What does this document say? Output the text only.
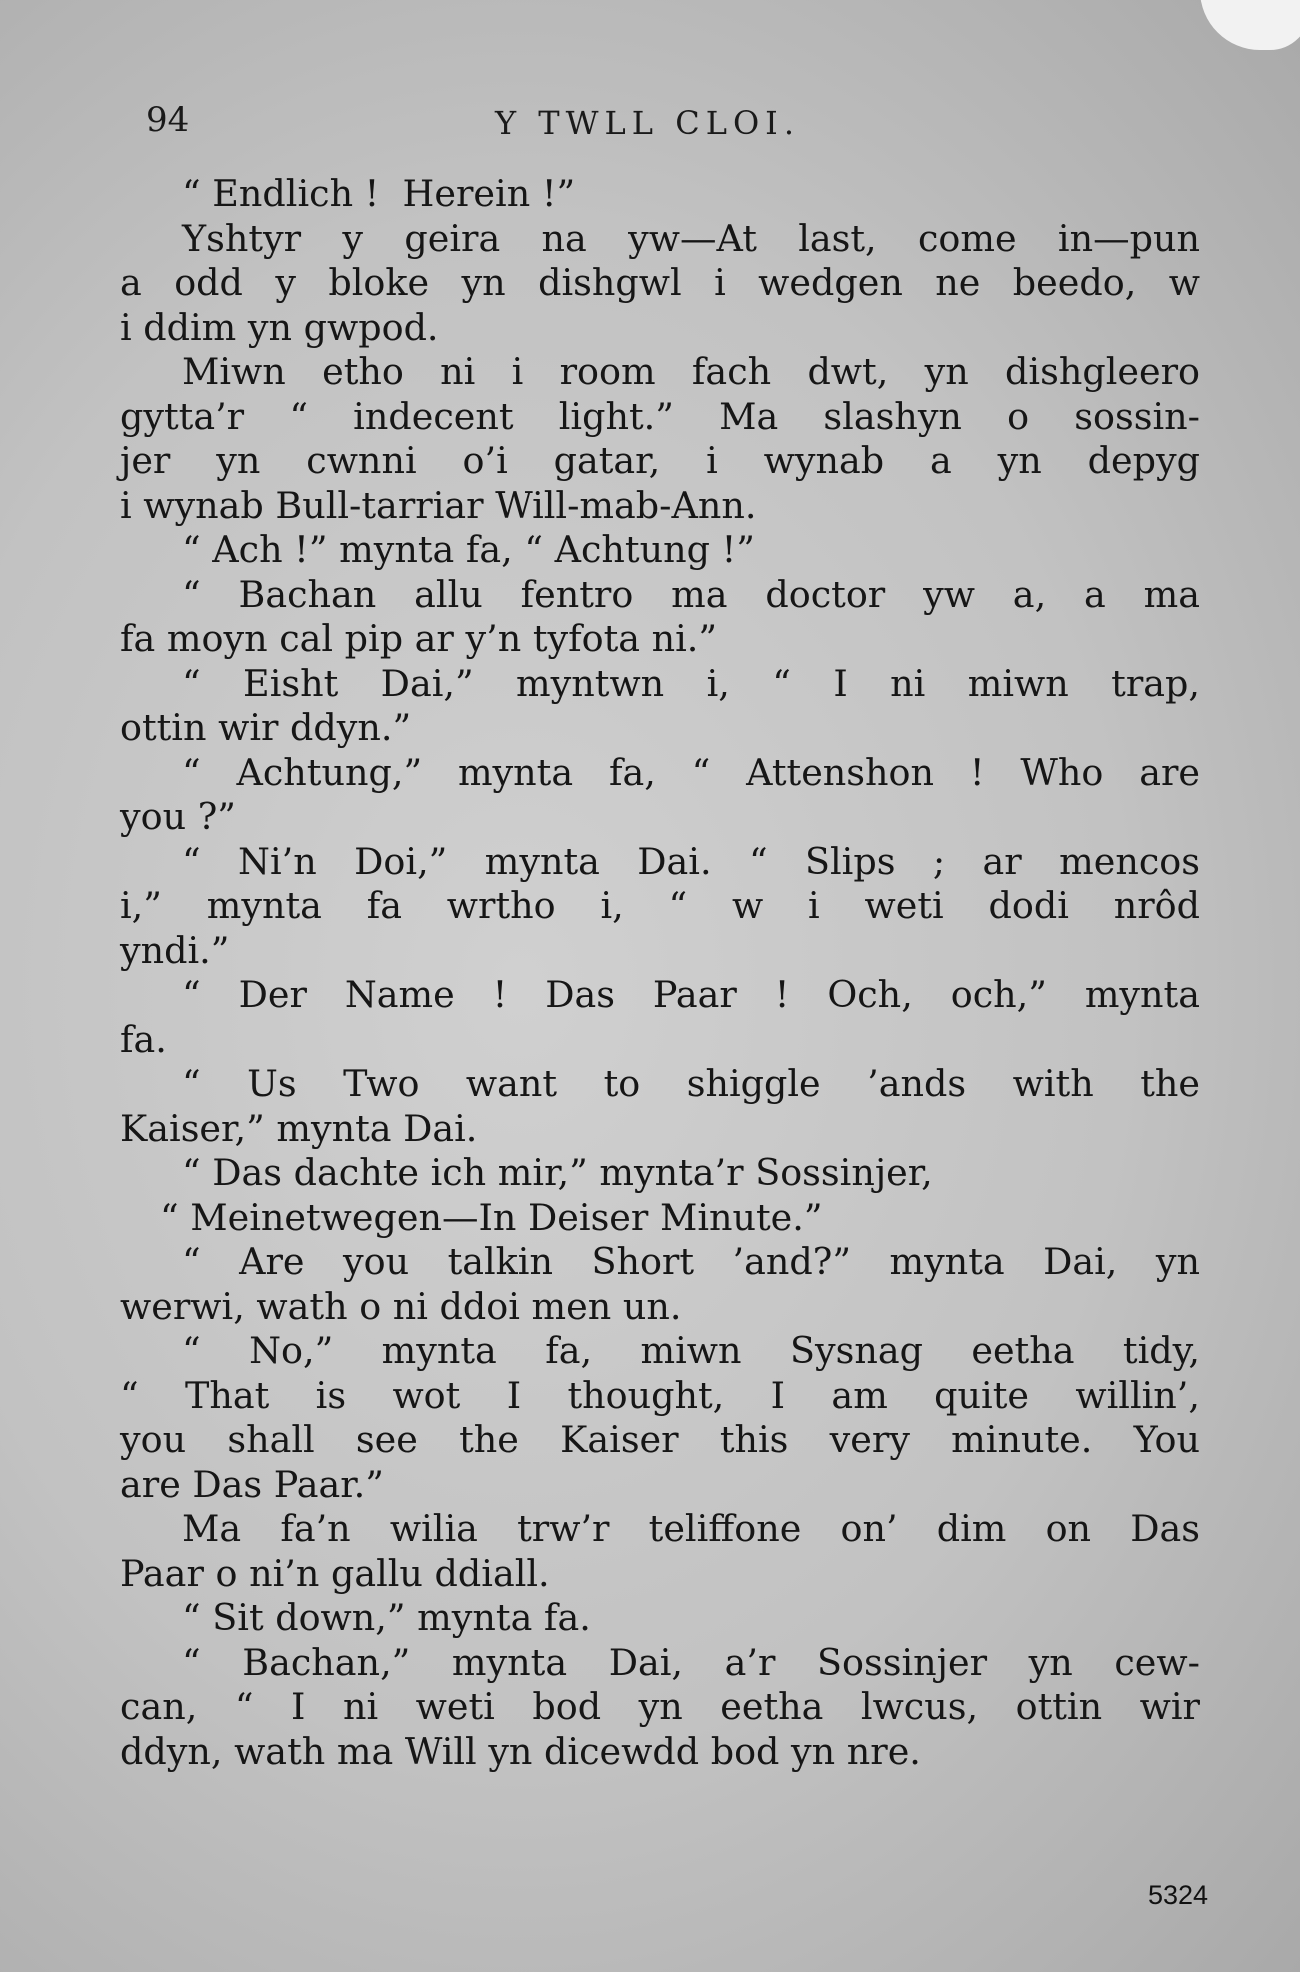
94	Y TWLL CLOI.
“ Endlich !  Herein !”
Yshtyr y geira na yw—At last, come in—pun
a odd y bloke yn dishgwl i wedgen ne beedo, w
i ddim yn gwpod.
Miwn etho ni i room fach dwt, yn dishgleero
gytta’r “ indecent light.” Ma slashyn o sossin-
jer yn cwnni o’i gatar, i wynab a yn depyg
i wynab Bull-tarriar Will-mab-Ann.
“ Ach !” mynta fa, “ Achtung !”
“ Bachan allu fentro ma doctor yw a, a ma
fa moyn cal pip ar y’n tyfota ni.”
“ Eisht Dai,” myntwn i, “ I ni miwn trap,
ottin wir ddyn.”
“ Achtung,” mynta fa, “ Attenshon ! Who are
you ?”
“ Ni’n Doi,” mynta Dai. “ Slips ; ar mencos
i,” mynta fa wrtho i, “ w i weti dodi nrôd
yndi.”
“ Der Name ! Das Paar ! Och, och,” mynta
fa.
“ Us Two want to shiggle ’ands with the
Kaiser,” mynta Dai.
“ Das dachte ich mir,” mynta’r Sossinjer,
“ Meinetwegen—In Deiser Minute.”
“ Are you talkin Short ’and?” mynta Dai, yn
werwi, wath o ni ddoi men un.
“ No,” mynta fa, miwn Sysnag eetha tidy,
“ That is wot I thought, I am quite willin’,
you shall see the Kaiser this very minute. You
are Das Paar.”
Ma fa’n wilia trw’r teliffone on’ dim on Das
Paar o ni’n gallu ddiall.
“ Sit down,” mynta fa.
“ Bachan,” mynta Dai, a’r Sossinjer yn cew-
can, “ I ni weti bod yn eetha lwcus, ottin wir
ddyn, wath ma Will yn dicewdd bod yn nre.
5324
